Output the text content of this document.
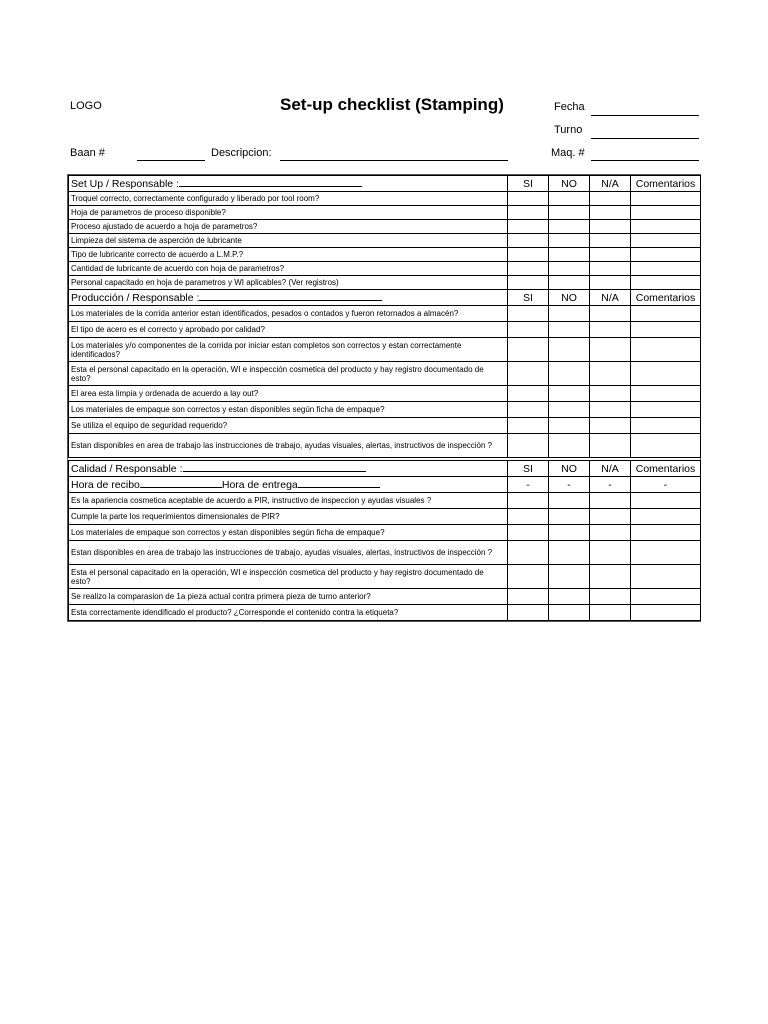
LOGO	Set-up checklist (Stamping)	Fecha
Turno
Baan #	Descripcion:	Maq. #
Set Up / Responsable :	SI	NO	N/A	Comentarios
Troquel correcto, correctamente configurado y liberado por tool room?				
Hoja de parametros de proceso disponible?				
Proceso ajustado de acuerdo a hoja de parametros?				
Limpieza del sistema de asperción de lubricante				
Tipo de lubricante correcto de acuerdo a L.M.P.?				
Cantidad de lubricante de acuerdo con hoja de parametros?				
Personal capacitado en hoja de parametros y WI aplicables? (Ver registros)				
Producción / Responsable :	SI	NO	N/A	Comentarios
Los materiales de la corrida anterior estan identificados, pesados o contados y fueron retornados a almacén?				
El tipo de acero es el correcto y aprobado por calidad?				
Los materiales y/o componentes de la corrida por iniciar estan completos son correctos y estan correctamente identificados?				
Esta el personal capacitado en la operación, WI e inspección cosmetica del producto y hay registro documentado de esto?				
El area esta limpia y ordenada de acuerdo a lay out?				
Los materiales de empaque son correctos y estan disponibles según ficha de empaque?				
Se utiliza el equipo de seguridad requerido?				
Estan disponibles en area de trabajo las instrucciones de trabajo, ayudas visuales, alertas, instructivos de inspección ?				

Calidad / Responsable :	SI	NO	N/A	Comentarios
Hora de recibo Hora de entrega	-	-	-	-
Es la apariencia cosmetica aceptable de acuerdo a PIR, instructivo de inspeccion y ayudas visuales ?				
Cumple la parte los requerimientos dimensionales de PIR?				
Los materiales de empaque son correctos y estan disponibles según ficha de empaque?				
Estan disponibles en area de trabajo las instrucciones de trabajo, ayudas visuales, alertas, instructivos de inspección ?				
Esta el personal capacitado en la operación, WI e inspección cosmetica del producto y hay registro documentado de esto?				
Se realizo la comparasion de 1a pieza actual contra primera pieza de turno anterior?				
Esta correctamente idendificado el producto? ¿Corresponde el contenido contra la etiqueta?				
